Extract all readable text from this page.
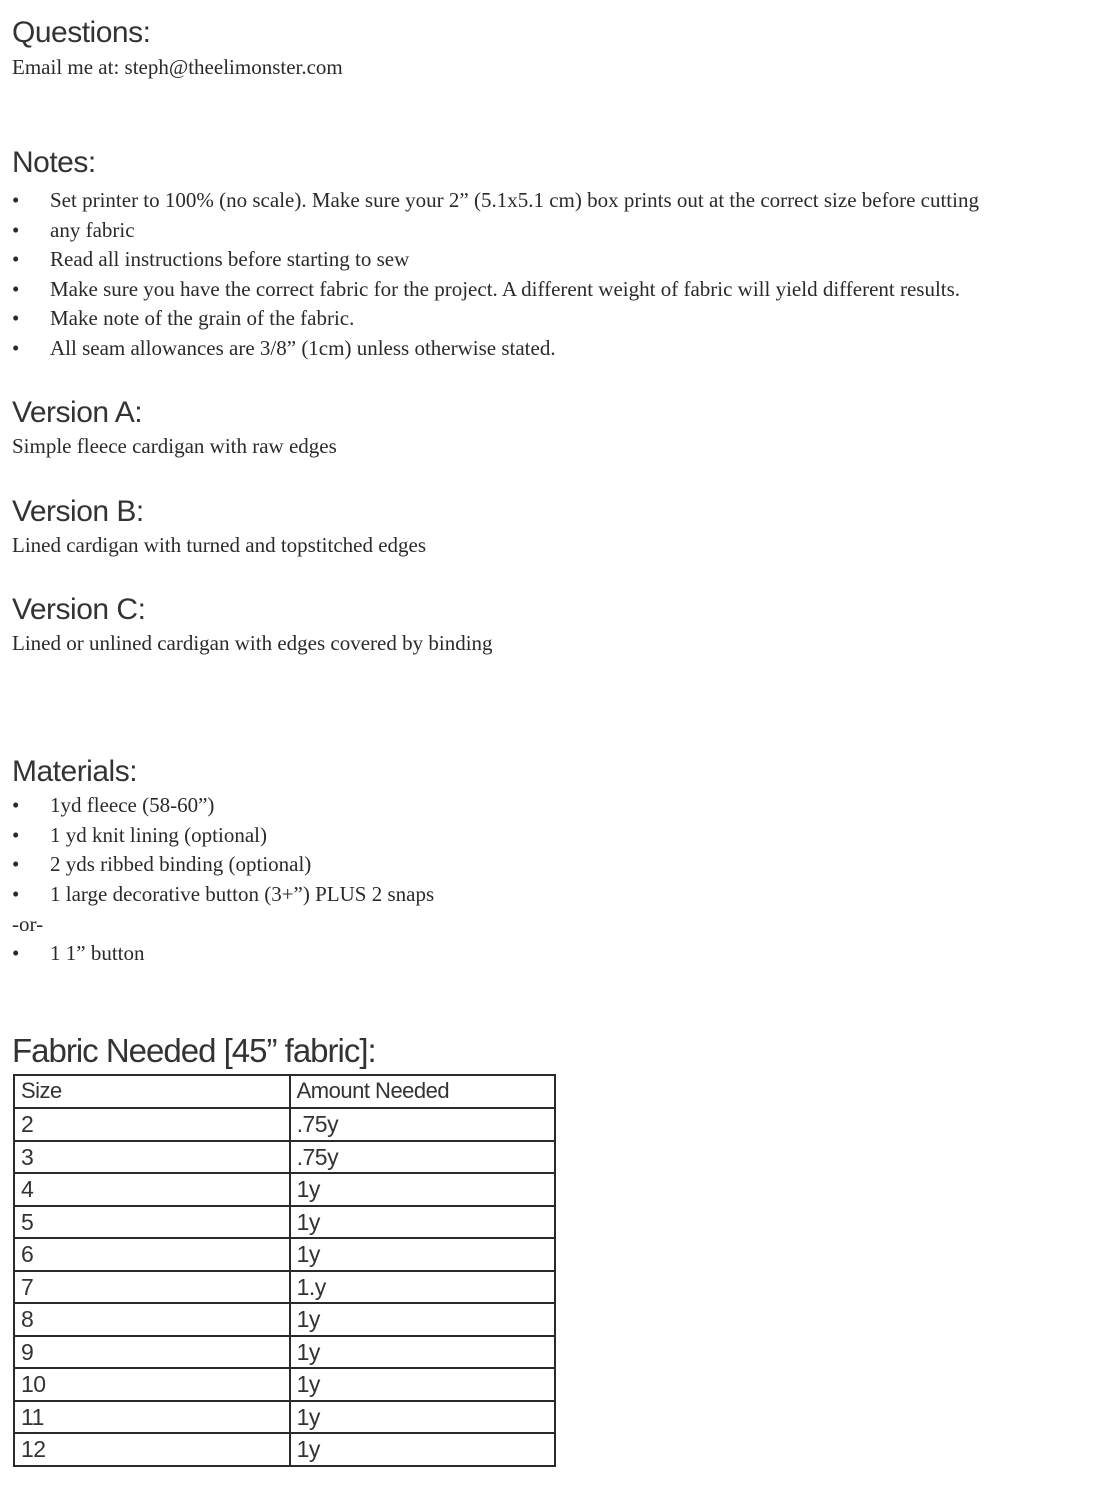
Questions:
Email me at: steph@theelimonster.com
Notes:
•	Set printer to 100% (no scale). Make sure your 2” (5.1x5.1 cm) box prints out at the correct size before cutting
•	any fabric
•	Read all instructions before starting to sew
•	Make sure you have the correct fabric for the project. A different weight of fabric will yield different results.
•	Make note of the grain of the fabric.
•	All seam allowances are 3/8” (1cm) unless otherwise stated.
Version A:
Simple fleece cardigan with raw edges
Version B:
Lined cardigan with turned and topstitched edges
Version C:
Lined or unlined cardigan with edges covered by binding
Materials:
•	1yd fleece (58-60”)
•	1 yd knit lining (optional)
•	2 yds ribbed binding (optional)
•	1 large decorative button (3+”) PLUS 2 snaps
-or-
•	1 1” button
Fabric Needed [45” fabric]:
Size	Amount Needed
2	.75y
3	.75y
4	1y
5	1y
6	1y
7	1.y
8	1y
9	1y
10	1y
11	1y
12	1y
